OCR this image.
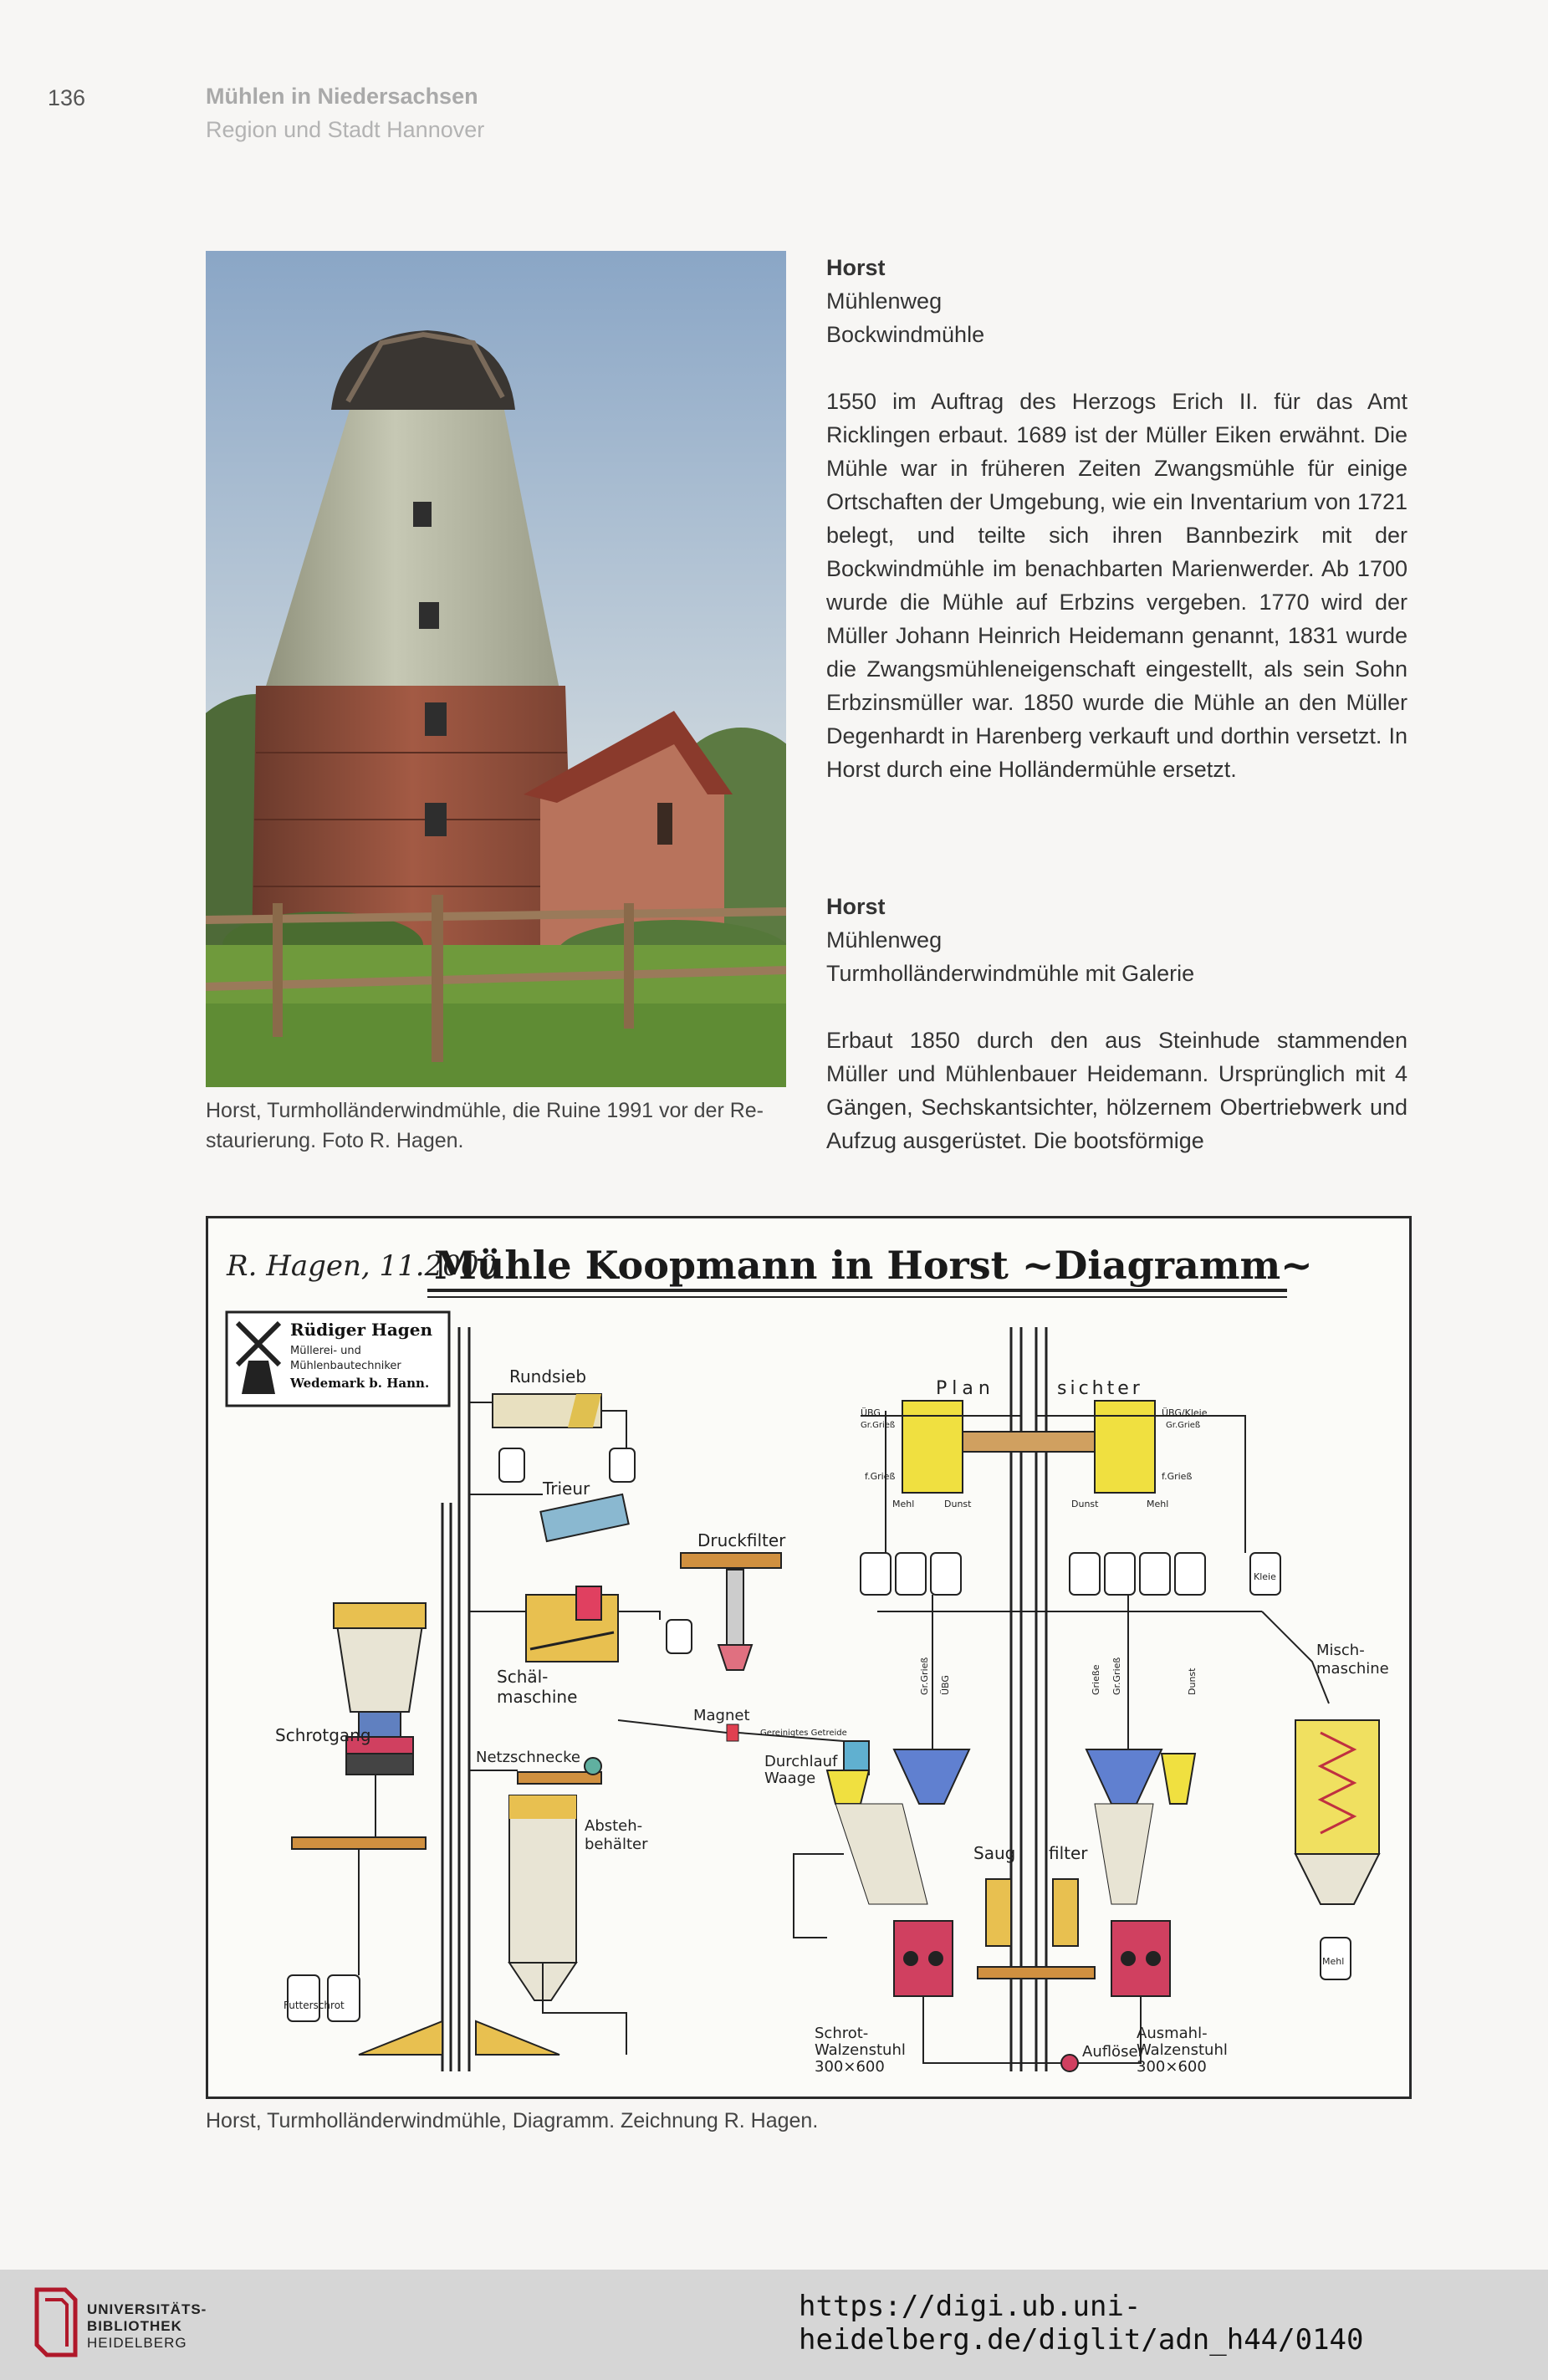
136	Mühlen in Niedersachsen
Region und Stadt Hannover
Horst, Turmholländerwindmühle, die Ruine 1991 vor der Re-staurierung. Foto R. Hagen.
Horst
Mühlenweg
Bockwindmühle

1550 im Auftrag des Herzogs Erich II. für das Amt Ricklingen erbaut. 1689 ist der Müller Eiken erwähnt. Die Mühle war in früheren Zeiten Zwangsmühle für einige Ortschaften der Umgebung, wie ein Inventarium von 1721 belegt, und teilte sich ihren Bannbezirk mit der Bockwindmühle im benachbarten Marienwerder. Ab 1700 wurde die Mühle auf Erbzins vergeben. 1770 wird der Müller Johann Heinrich Heidemann genannt, 1831 wurde die Zwangsmühleneigenschaft eingestellt, als sein Sohn Erbzinsmüller war. 1850 wurde die Mühle an den Müller Degenhardt in Harenberg verkauft und dorthin versetzt. In Horst durch eine Holländermühle ersetzt.

Horst
Mühlenweg
Turmholländerwindmühle mit Galerie

Erbaut 1850 durch den aus Steinhude stammenden Müller und Mühlenbauer Heidemann. Ursprünglich mit 4 Gängen, Sechskantsichter, hölzernem Obertriebwerk und Aufzug ausgerüstet. Die bootsförmige

R. Hagen, 11.2000
Mühle Koopmann in Horst ~Diagramm~
Rüdiger Hagen
Müllerei- und
Mühlenbautechniker
Wedemark b. Hann.	Rundsieb
Trieur
Druckfilter
Schäl-maschine
Magnet
Gereinigtes Getreide
Durchlauf Waage
Netzschnecke
Absteh-behälter
Schrotgang
Futterschrot
Plan	sichter
ÜBG	ÜBG/Kleie
Gr.Grieß	Gr.Grieß
f.Grieß	f.Grieß
Mehl	Dunst	Dunst	Mehl
Kleie
Misch-maschine
Mehl
Schrot-Walzenstuhl 300×600
Ausmahl-Walzenstuhl 300×600
Saug filter
Auflöser
Gr.Grieß ÜBG	Grieße Gr.Grieß	Dunst
Horst, Turmholländerwindmühle, Diagramm. Zeichnung R. Hagen.
UNIVERSITÄTS-
BIBLIOTHEK
HEIDELBERG
https://digi.ub.uni-heidelberg.de/diglit/adn_h44/0140
